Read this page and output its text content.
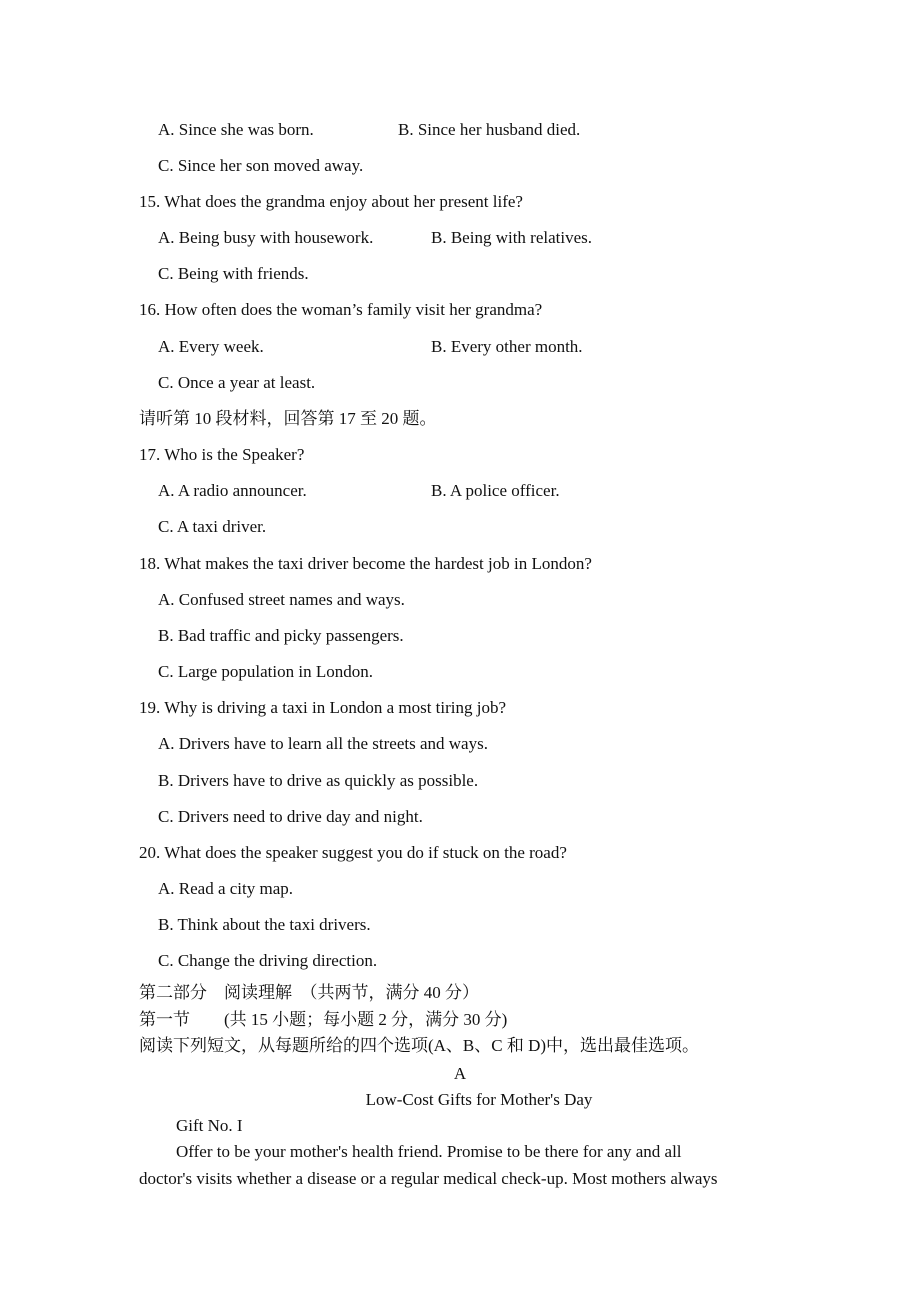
A. Since she was born.	B. Since her husband died.
C. Since her son moved away.
15. What does the grandma enjoy about her present life?
A. Being busy with housework.	B. Being with relatives.
C. Being with friends.
16. How often does the woman’s family visit her grandma?
A. Every week.	B. Every other month.
C. Once a year at least.
请听第 10 段材料，回答第 17 至 20 题。
17. Who is the Speaker?
A. A radio announcer.	B. A police officer.
C. A taxi driver.
18. What makes the taxi driver become the hardest job in London?
A. Confused street names and ways.
B. Bad traffic and picky passengers.
C. Large population in London.
19. Why is driving a taxi in London a most tiring job?
A. Drivers have to learn all the streets and ways.
B. Drivers have to drive as quickly as possible.
C. Drivers need to drive day and night.
20. What does the speaker suggest you do if stuck on the road?
A. Read a city map.
B. Think about the taxi drivers.
C. Change the driving direction.
第二部分　阅读理解　（共两节，满分 40 分）
第一节　　(共 15 小题；每小题 2 分，满分 30 分)
阅读下列短文，从每题所给的四个选项(A、B、C 和 D)中，选出最佳选项。
A
Low-Cost Gifts for Mother's Day
Gift No. I
Offer to be your mother's health friend. Promise to be there for any and all
doctor's visits whether a disease or a regular medical check-up. Most mothers always
